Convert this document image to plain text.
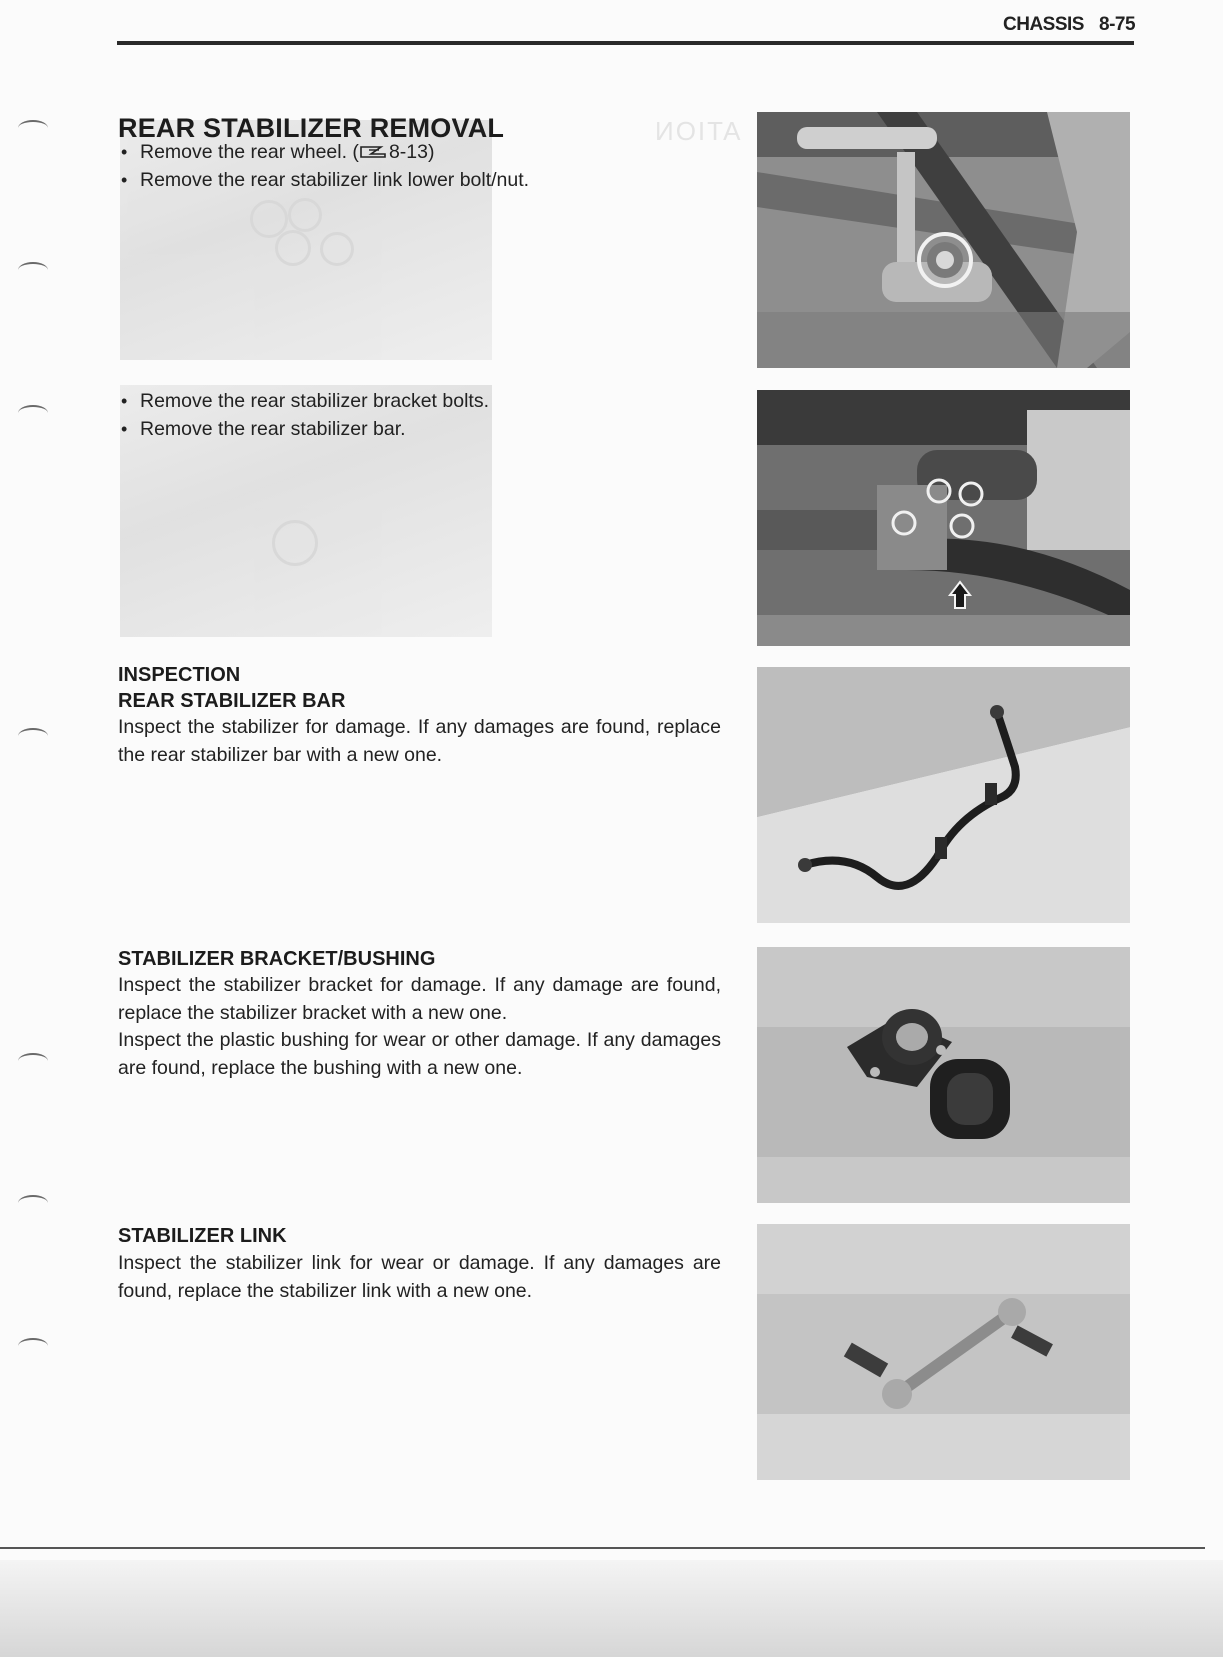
CHASSIS 8-75
ИOITA
REAR STABILIZER REMOVAL
• Remove the rear wheel. ( 8-13)
• Remove the rear stabilizer link lower bolt/nut.
• Remove the rear stabilizer bracket bolts.
• Remove the rear stabilizer bar.
INSPECTION
REAR STABILIZER BAR

Inspect the stabilizer for damage. If any damages are found, replace the rear stabilizer bar with a new one.

STABILIZER BRACKET/BUSHING

Inspect the stabilizer bracket for damage. If any damage are found, replace the stabilizer bracket with a new one.

Inspect the plastic bushing for wear or other damage. If any damages are found, replace the bushing with a new one.

STABILIZER LINK

Inspect the stabilizer link for wear or damage. If any damages are found, replace the stabilizer link with a new one.
